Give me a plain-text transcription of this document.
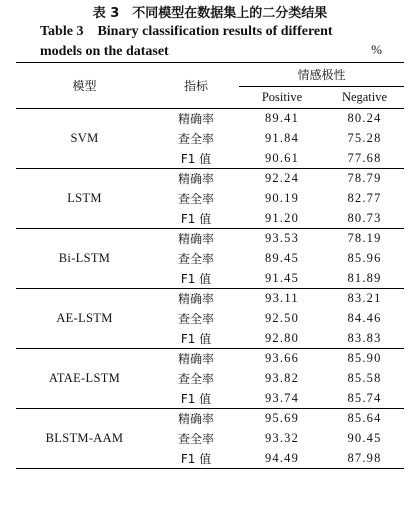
表 3　不同模型在数据集上的二分类结果
Table 3　Binary classification results of different
models on the dataset	%
模型	指标	情感极性	
		Positive	Negative
SVM	精确率	89.41	80.24
	查全率	91.84	75.28
	F1 值	90.61	77.68
LSTM	精确率	92.24	78.79
	查全率	90.19	82.77
	F1 值	91.20	80.73
Bi-LSTM	精确率	93.53	78.19
	查全率	89.45	85.96
	F1 值	91.45	81.89
AE-LSTM	精确率	93.11	83.21
	查全率	92.50	84.46
	F1 值	92.80	83.83
ATAE-LSTM	精确率	93.66	85.90
	查全率	93.82	85.58
	F1 值	93.74	85.74
BLSTM-AAM	精确率	95.69	85.64
	查全率	93.32	90.45
	F1 值	94.49	87.98
